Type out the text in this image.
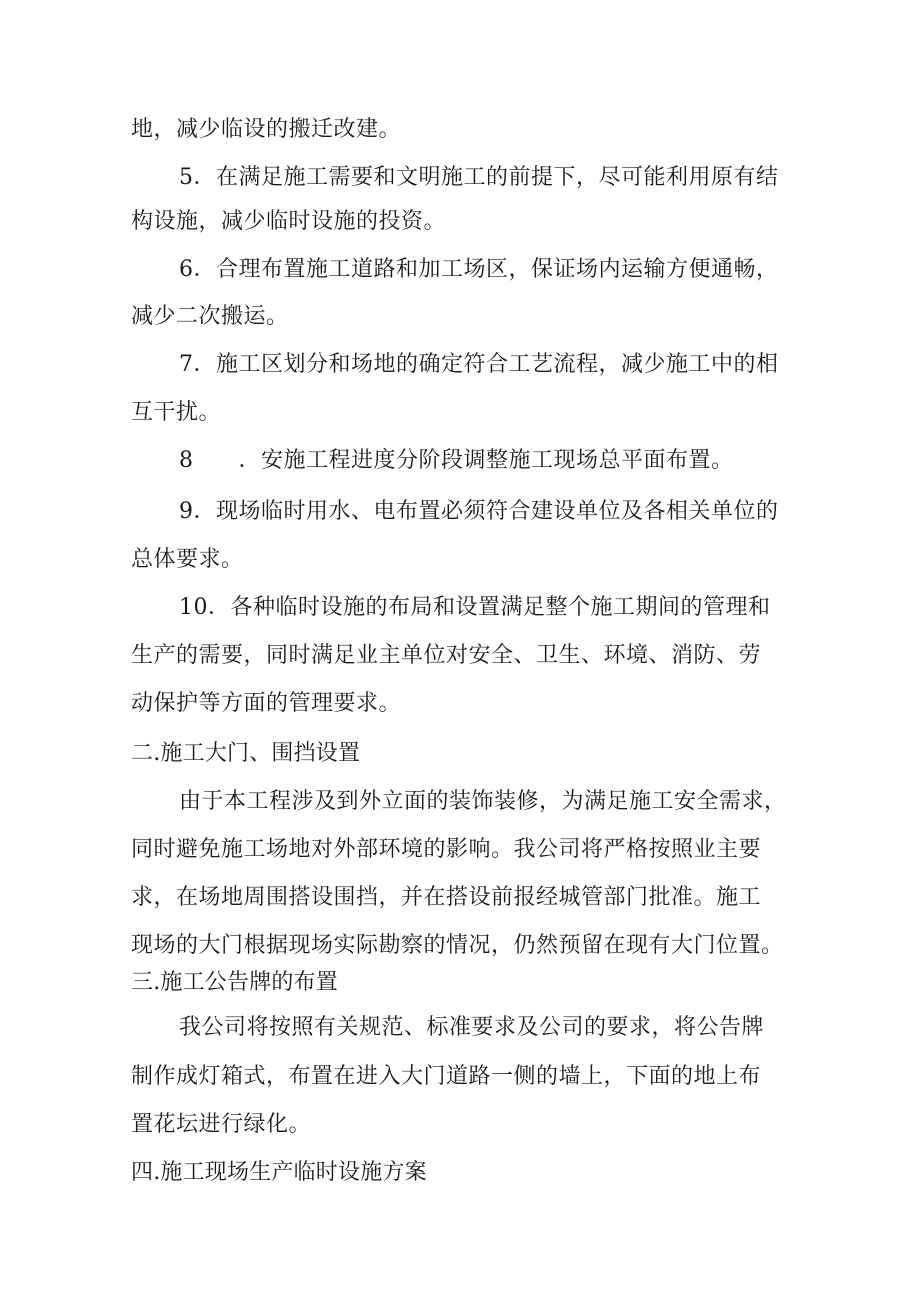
地，减少临设的搬迁改建。
5．在满足施工需要和文明施工的前提下，尽可能利用原有结
构设施，减少临时设施的投资。
6．合理布置施工道路和加工场区，保证场内运输方便通畅，
减少二次搬运。
7．施工区划分和场地的确定符合工艺流程，减少施工中的相
互干扰。
8　　．安施工程进度分阶段调整施工现场总平面布置。
9．现场临时用水、电布置必须符合建设单位及各相关单位的
总体要求。
10．各种临时设施的布局和设置满足整个施工期间的管理和
生产的需要，同时满足业主单位对安全、卫生、环境、消防、劳
动保护等方面的管理要求。
二.施工大门、围挡设置
由于本工程涉及到外立面的装饰装修，为满足施工安全需求，
同时避免施工场地对外部环境的影响。我公司将严格按照业主要
求，在场地周围搭设围挡，并在搭设前报经城管部门批准。施工
现场的大门根据现场实际勘察的情况，仍然预留在现有大门位置。
三.施工公告牌的布置
我公司将按照有关规范、标准要求及公司的要求，将公告牌
制作成灯箱式，布置在进入大门道路一侧的墙上，下面的地上布
置花坛进行绿化。
四.施工现场生产临时设施方案
